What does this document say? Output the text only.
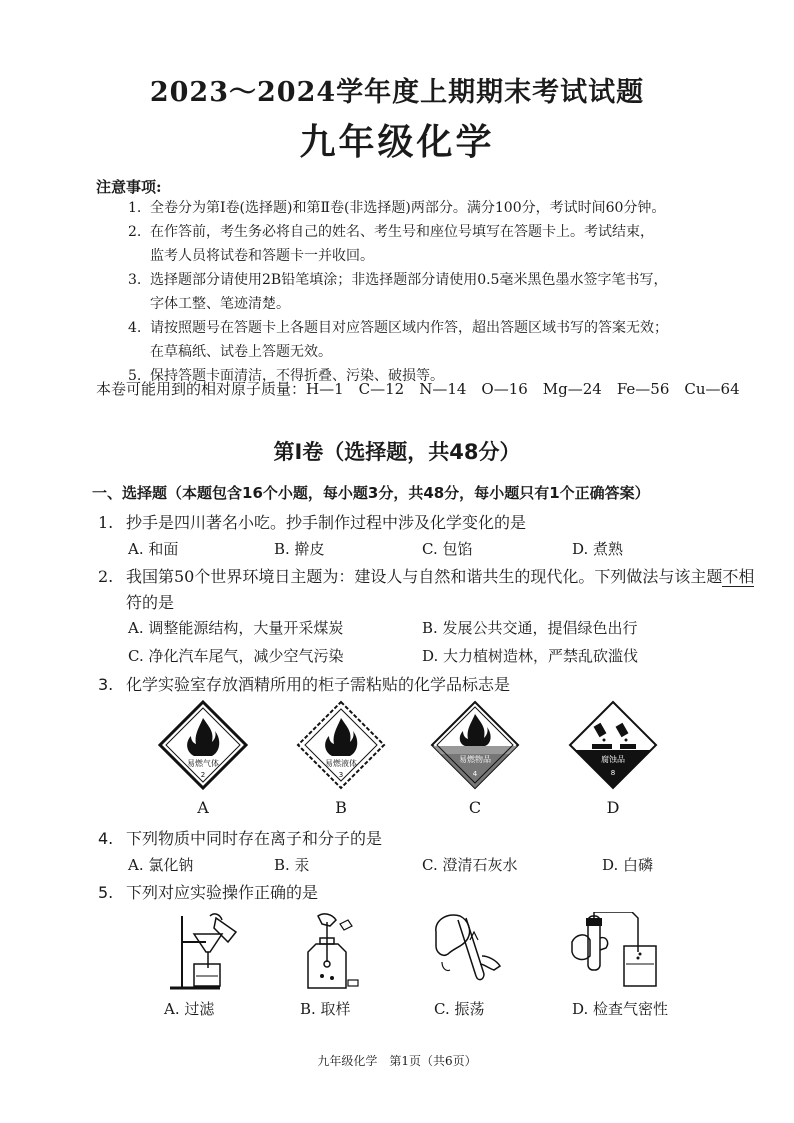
2023～2024学年度上期期末考试试题
九年级化学
注意事项:
1. 全卷分为第Ⅰ卷(选择题)和第Ⅱ卷(非选择题)两部分。满分100分，考试时间60分钟。
2. 在作答前，考生务必将自己的姓名、考生号和座位号填写在答题卡上。考试结束，
监考人员将试卷和答题卡一并收回。
3. 选择题部分请使用2B铅笔填涂；非选择题部分请使用0.5毫米黑色墨水签字笔书写，
字体工整、笔迹清楚。
4. 请按照题号在答题卡上各题目对应答题区域内作答，超出答题区域书写的答案无效；
在草稿纸、试卷上答题无效。
5. 保持答题卡面清洁，不得折叠、污染、破损等。
本卷可能用到的相对原子质量：H—1　C—12　N—14　O—16　Mg—24　Fe—56　Cu—64
第Ⅰ卷（选择题，共48分）
一、选择题（本题包含16个小题，每小题3分，共48分，每小题只有1个正确答案）
1. 抄手是四川著名小吃。抄手制作过程中涉及化学变化的是
A. 和面	B. 擀皮	C. 包馅	D. 煮熟
2. 我国第50个世界环境日主题为：建设人与自然和谐共生的现代化。下列做法与该主题不相
符的是
A. 调整能源结构，大量开采煤炭	B. 发展公共交通，提倡绿色出行
C. 净化汽车尾气，减少空气污染	D. 大力植树造林，严禁乱砍滥伐
3. 化学实验室存放酒精所用的柜子需粘贴的化学品标志是
易燃气体
2
A
易燃液体
3
B
易燃物品
4
C
腐蚀品
8
D
4. 下列物质中同时存在离子和分子的是
A. 氯化钠	B. 汞	C. 澄清石灰水	D. 白磷
5. 下列对应实验操作正确的是
A. 过滤	B. 取样	C. 振荡	D. 检查气密性
九年级化学　第1页（共6页）
